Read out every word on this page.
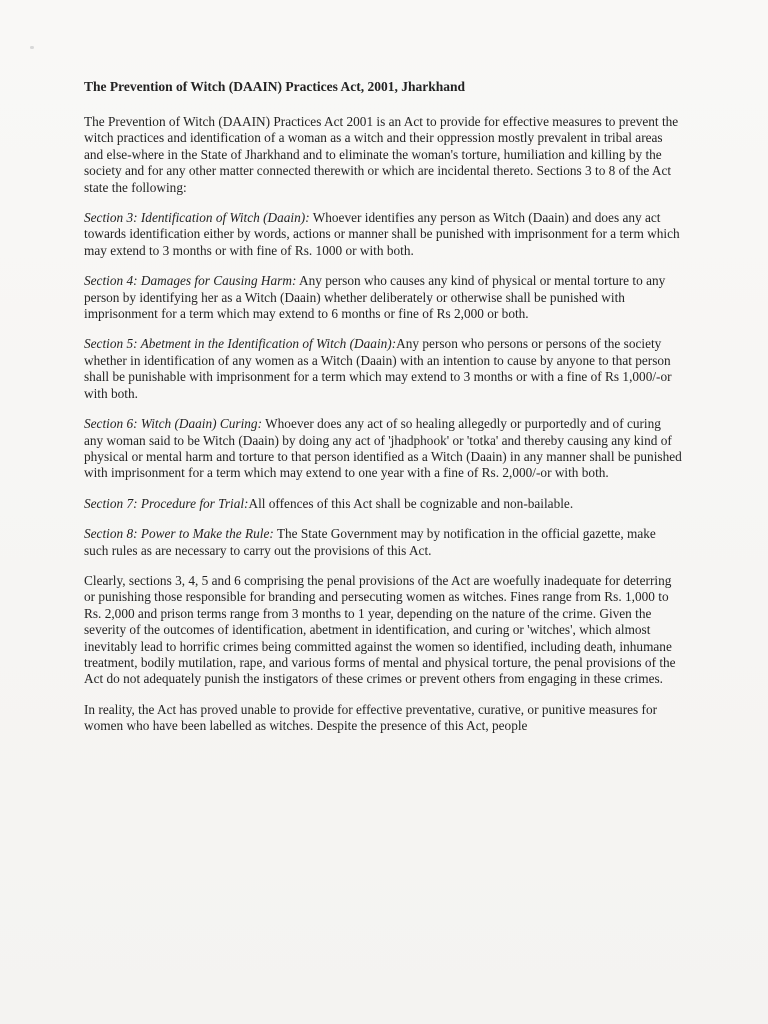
The Prevention of Witch (DAAIN) Practices Act, 2001, Jharkhand

The Prevention of Witch (DAAIN) Practices Act 2001 is an Act to provide for effective measures to prevent the witch practices and identification of a woman as a witch and their oppression mostly prevalent in tribal areas and else-where in the State of Jharkhand and to eliminate the woman's torture, humiliation and killing by the society and for any other matter connected therewith or which are incidental thereto. Sections 3 to 8 of the Act state the following:

Section 3: Identification of Witch (Daain): Whoever identifies any person as Witch (Daain) and does any act towards identification either by words, actions or manner shall be punished with imprisonment for a term which may extend to 3 months or with fine of Rs. 1000 or with both.

Section 4: Damages for Causing Harm: Any person who causes any kind of physical or mental torture to any person by identifying her as a Witch (Daain) whether deliberately or otherwise shall be punished with imprisonment for a term which may extend to 6 months or fine of Rs 2,000 or both.

Section 5: Abetment in the Identification of Witch (Daain):Any person who persons or persons of the society whether in identification of any women as a Witch (Daain) with an intention to cause by anyone to that person shall be punishable with imprisonment for a term which may extend to 3 months or with a fine of Rs 1,000/-or with both.

Section 6: Witch (Daain) Curing: Whoever does any act of so healing allegedly or purportedly and of curing any woman said to be Witch (Daain) by doing any act of 'jhadphook' or 'totka' and thereby causing any kind of physical or mental harm and torture to that person identified as a Witch (Daain) in any manner shall be punished with imprisonment for a term which may extend to one year with a fine of Rs. 2,000/-or with both.

Section 7: Procedure for Trial:All offences of this Act shall be cognizable and non-bailable.

Section 8: Power to Make the Rule: The State Government may by notification in the official gazette, make such rules as are necessary to carry out the provisions of this Act.

Clearly, sections 3, 4, 5 and 6 comprising the penal provisions of the Act are woefully inadequate for deterring or punishing those responsible for branding and persecuting women as witches. Fines range from Rs. 1,000 to Rs. 2,000 and prison terms range from 3 months to 1 year, depending on the nature of the crime. Given the severity of the outcomes of identification, abetment in identification, and curing or 'witches', which almost inevitably lead to horrific crimes being committed against the women so identified, including death, inhumane treatment, bodily mutilation, rape, and various forms of mental and physical torture, the penal provisions of the Act do not adequately punish the instigators of these crimes or prevent others from engaging in these crimes.

In reality, the Act has proved unable to provide for effective preventative, curative, or punitive measures for women who have been labelled as witches. Despite the presence of this Act, people
